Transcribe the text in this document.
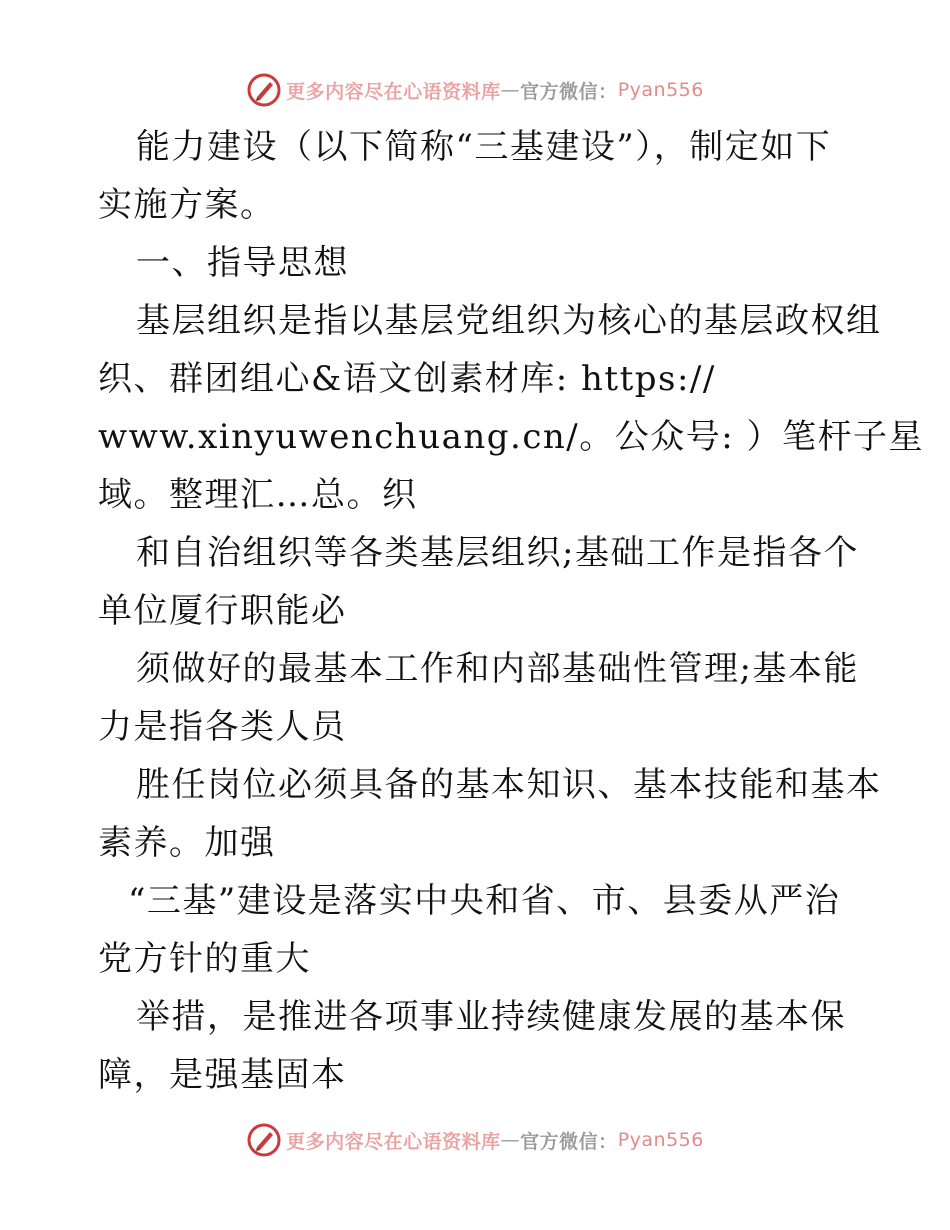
更多内容尽在心语资料库 — 官方微信： Pyan556
能力建设（以下简称“三基建设”），制定如下
实施方案。
一、指导思想
基层组织是指以基层党组织为核心的基层政权组
织、群团组心&语文创素材库: https://
www.xinyuwenchuang.cn/。公众号: ）笔杆子星
域。整理汇…总。织
和自治组织等各类基层组织;基础工作是指各个
单位厦行职能必
须做好的最基本工作和内部基础性管理;基本能
力是指各类人员
胜任岗位必须具备的基本知识、基本技能和基本
素养。加强
“三基”建设是落实中央和省、市、县委从严治
党方针的重大
举措，是推进各项事业持续健康发展的基本保
障，是强基固本
更多内容尽在心语资料库 — 官方微信： Pyan556
